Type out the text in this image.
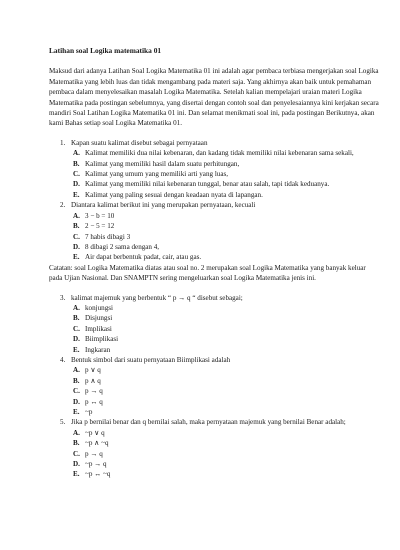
Latihan soal Logika matematika 01

Maksud dari adanya Latihan Soal Logika Matematika 01 ini adalah agar pembaca terbiasa mengerjakan soal Logika Matematika yang lebih luas dan tidak mengambang pada materi saja. Yang akhirnya akan baik untuk pemahaman pembaca dalam menyelesaikan masalah Logika Matematika. Setelah kalian mempelajari uraian materi Logika Matematika pada postingan sebelumnya, yang disertai dengan contoh soal dan penyelesaiannya kini kerjakan secara mandiri Soal Latihan Logika Matematika 01 ini. Dan selamat menikmati soal ini, pada postingan Berikutnya, akan kami Bahas setiap soal Logika Matematika 01.

1. Kapan suatu kalimat disebut sebagai pernyataan
A. Kalimat memiliki dua nilai kebenaran, dan kadang tidak memiliki nilai kebenaran sama sekali,
B. Kalimat yang memiliki hasil dalam suatu perhitungan,
C. Kalimat yang umum yang memiliki arti yang luas,
D. Kalimat yang memiliki nilai kebenaran tunggal, benar atau salah, tapi tidak keduanya.
E. Kalimat yang paling sesuai dengan keadaan nyata di lapangan.
2. Diantara kalimat berikut ini yang merupakan pernyataan, kecuali
A. 3 − b = 10
B. 2 − 5 = 12
C. 7 habis dibagi 3
D. 8 dibagi 2 sama dengan 4,
E. Air dapat berbentuk padat, cair, atau gas.

Catatan: soal Logika Matematika diatas atau soal no. 2 merupakan soal Logika Matematika yang banyak keluar pada Ujian Nasional. Dan SNAMPTN sering mengeluarkan soal Logika Matematika jenis ini.

3. kalimat majemuk yang berbentuk “ p → q “ disebut sebagai;
A. konjungsi
B. Disjungsi
C. Implikasi
D. Biimplikasi
E. Ingkaran
4. Bentuk simbol dari suatu pernyataan Biimplikasi adalah
A. p ∨ q
B. p ∧ q
C. p → q
D. p ↔ q
E. ~p
5. Jika p bernilai benar dan q bernilai salah, maka pernyataan majemuk yang bernilai Benar adalah;
A. ~p ∨ q
B. ~p ∧ ~q
C. p → q
D. ~p → q
E. ~p ↔ ~q
